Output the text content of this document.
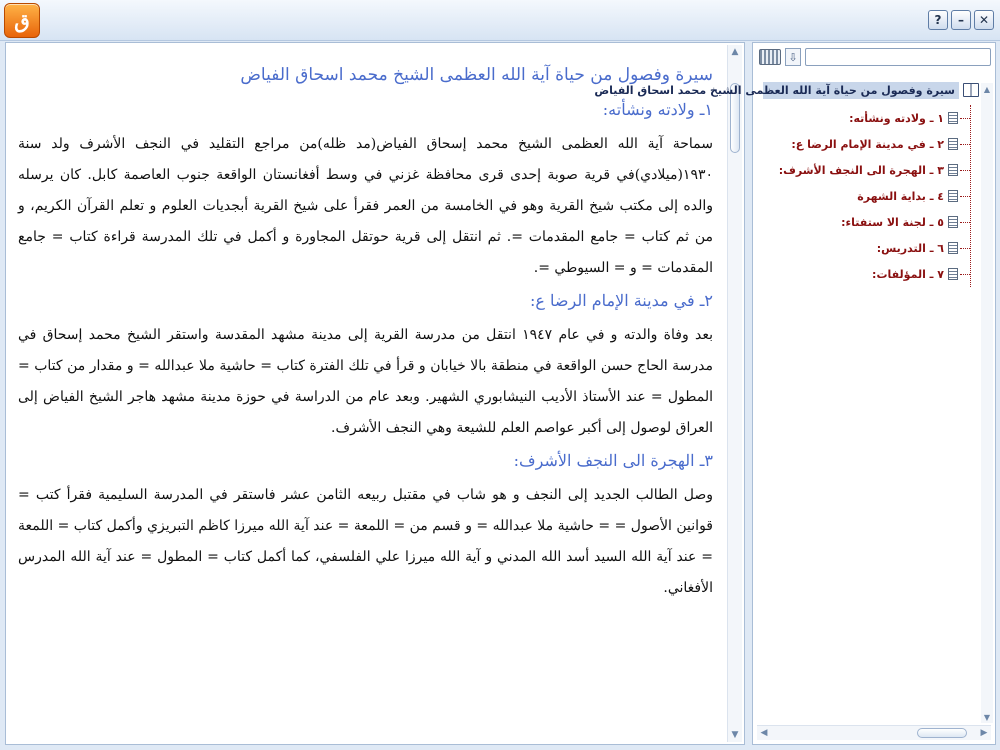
ق	?	–	✕
سيرة وفصول من حياة آية الله العظمى الشيخ محمد اسحاق الفياض
١ـ ولادته ونشأته:

سماحة آية الله العظمى الشيخ محمد إسحاق الفياض(مد ظله)من مراجع التقليد في النجف الأشرف ولد سنة ١٩٣٠(ميلادي)في قرية صوبة إحدى قرى محافظة غزني في وسط أفغانستان الواقعة جنوب العاصمة كابل. كان يرسله والده إلى مكتب شيخ القرية وهو في الخامسة من العمر فقرأ على شيخ القرية أبجديات العلوم و تعلم القرآن الكريم، و من ثم كتاب = جامع المقدمات =. ثم انتقل إلى قرية حوتقل المجاورة و أكمل في تلك المدرسة قراءة كتاب = جامع المقدمات = و = السيوطي =.

٢ـ في مدينة الإمام الرضا ع:

بعد وفاة والدته و في عام ١٩٤٧ انتقل من مدرسة القرية إلى مدينة مشهد المقدسة واستقر الشيخ محمد إسحاق في مدرسة الحاج حسن الواقعة في منطقة بالا خيابان و قرأ في تلك الفترة كتاب = حاشية ملا عبدالله = و مقدار من كتاب = المطول = عند الأستاذ الأديب النيشابوري الشهير. وبعد عام من الدراسة في حوزة مدينة مشهد هاجر الشيخ الفياض إلى العراق لوصول إلى أكبر عواصم العلم للشيعة وهي النجف الأشرف.

٣ـ الهجرة الى النجف الأشرف:

وصل الطالب الجديد إلى النجف و هو شاب في مقتبل ربيعه الثامن عشر فاستقر في المدرسة السليمية فقرأ كتب = قوانين الأصول = = حاشية ملا عبدالله = و قسم من = اللمعة = عند آية الله ميرزا كاظم التبريزي وأكمل كتاب = اللمعة = عند آية الله السيد أسد الله المدني و آية الله ميرزا علي الفلسفي، كما أكمل كتاب = المطول = عند آية الله المدرس الأفغاني.

▲
▼
⇩
سيرة وفصول من حياة آية الله العظمى الشيخ محمد اسحاق الفياض
١ ـ ولادته ونشأته:
٢ ـ في مدينة الإمام الرضا ع:
٣ ـ الهجرة الى النجف الأشرف:
٤ ـ بداية الشهرة
٥ ـ لجنة الا ستفتاء:
٦ ـ التدريس:
٧ ـ المؤلفات:
▲
▼
◀	▶
